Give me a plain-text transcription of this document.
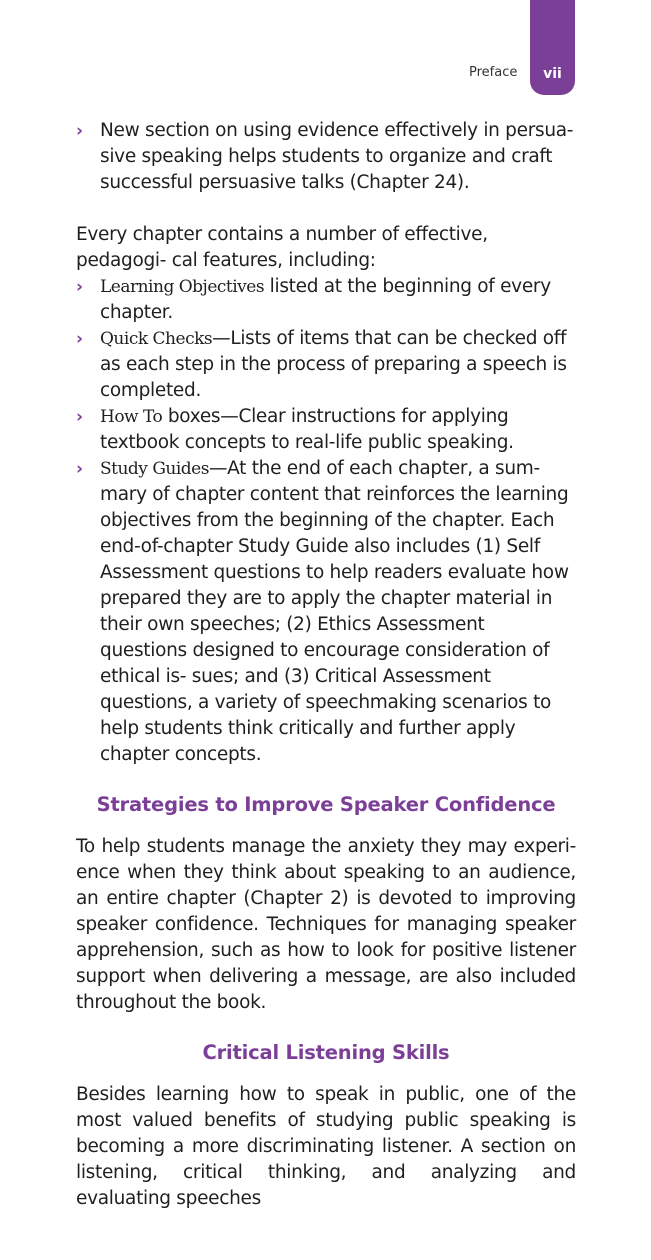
Preface	vii

› New section on using evidence effectively in persua- sive speaking helps students to organize and craft successful persuasive talks (Chapter 24).

Every chapter contains a number of effective, pedagogi- cal features, including:

› Learning Objectives listed at the beginning of every chapter.

› Quick Checks—Lists of items that can be checked off as each step in the process of preparing a speech is completed.

› How To boxes—Clear instructions for applying textbook concepts to real-life public speaking.

› Study Guides—At the end of each chapter, a sum- mary of chapter content that reinforces the learning objectives from the beginning of the chapter. Each end-of-chapter Study Guide also includes (1) Self Assessment questions to help readers evaluate how prepared they are to apply the chapter material in their own speeches; (2) Ethics Assessment questions designed to encourage consideration of ethical is- sues; and (3) Critical Assessment questions, a variety of speechmaking scenarios to help students think critically and further apply chapter concepts.

Strategies to Improve Speaker Confidence

To help students manage the anxiety they may experi- ence when they think about speaking to an audience, an entire chapter (Chapter 2) is devoted to improving speaker confidence. Techniques for managing speaker apprehension, such as how to look for positive listener support when delivering a message, are also included throughout the book.

Critical Listening Skills

Besides learning how to speak in public, one of the most valued benefits of studying public speaking is becoming a more discriminating listener. A section on listening, critical thinking, and analyzing and evaluating speeches
